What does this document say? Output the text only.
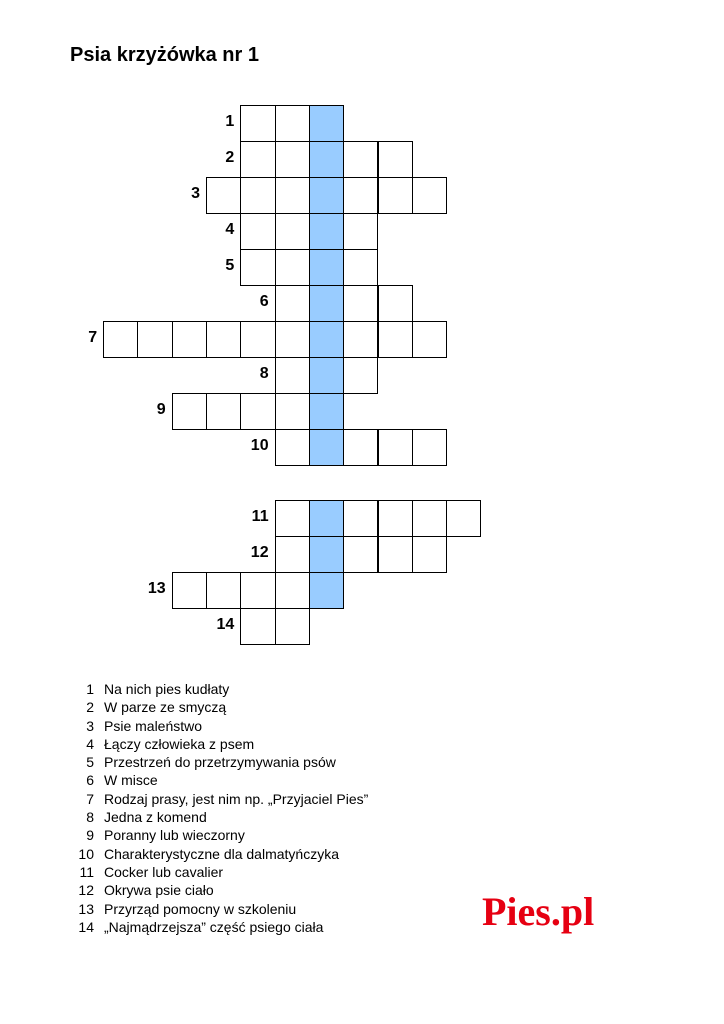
Psia krzyżówka nr 1
1
2
3
4
5
6
7
8
9
10
11
12
13
14
1 Na nich pies kudłaty
2 W parze ze smyczą
3 Psie maleństwo
4 Łączy człowieka z psem
5 Przestrzeń do przetrzymywania psów
6 W misce
7 Rodzaj prasy, jest nim np. „Przyjaciel Pies”
8 Jedna z komend
9 Poranny lub wieczorny
10 Charakterystyczne dla dalmatyńczyka
11 Cocker lub cavalier
12 Okrywa psie ciało
13 Przyrząd pomocny w szkoleniu
14 „Najmądrzejsza” część psiego ciała	Pies.pl
